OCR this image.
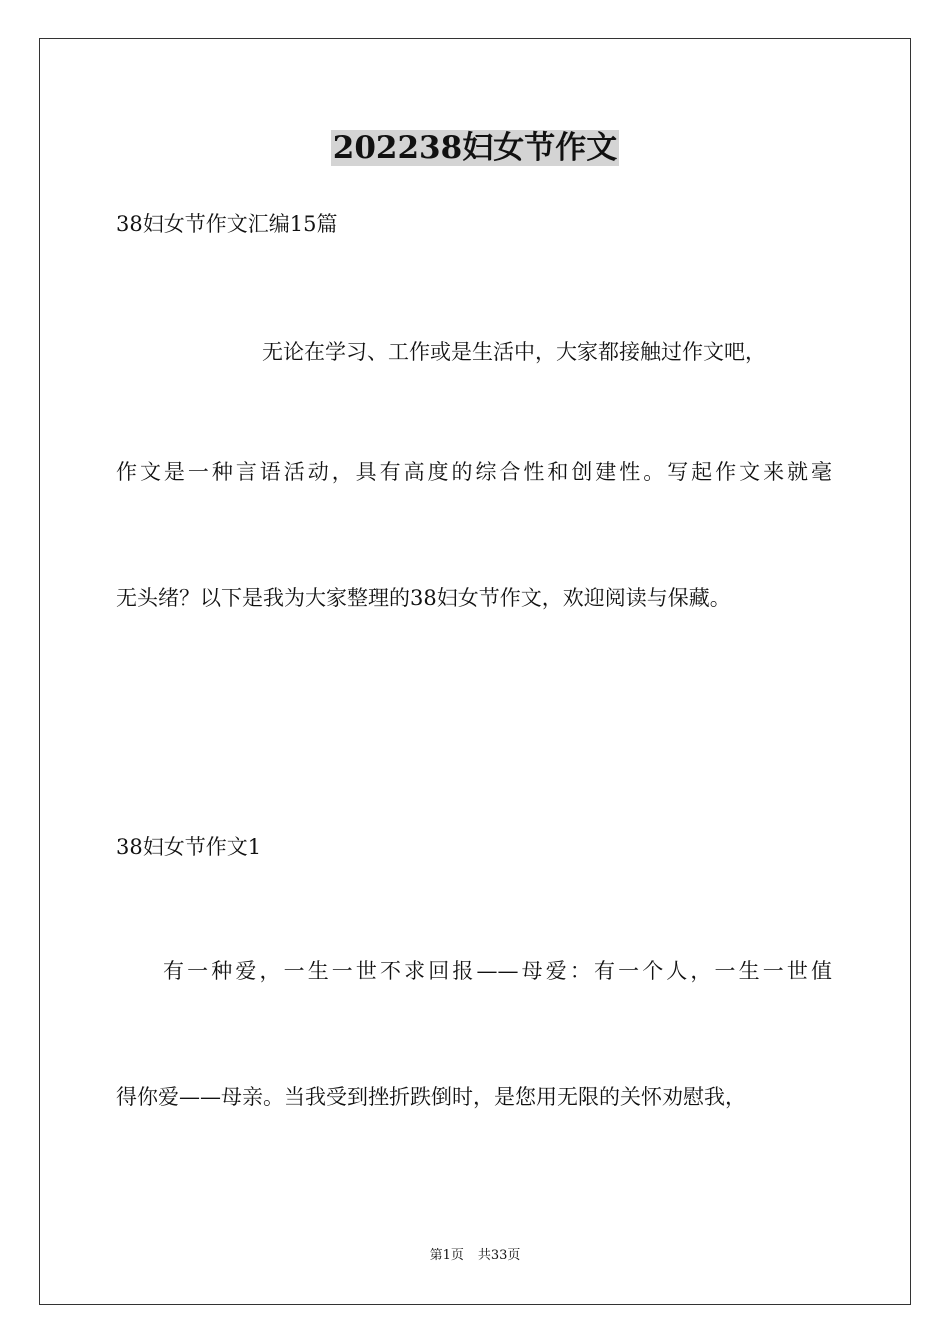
202238妇女节作文
38妇女节作文汇编15篇
无论在学习、工作或是生活中，大家都接触过作文吧，
作文是一种言语活动，具有高度的综合性和创建性。写起作文来就毫
无头绪？以下是我为大家整理的38妇女节作文，欢迎阅读与保藏。
38妇女节作文1
有一种爱，一生一世不求回报——母爱：有一个人，一生一世值
得你爱——母亲。当我受到挫折跌倒时，是您用无限的关怀劝慰我，
第1页 共33页
